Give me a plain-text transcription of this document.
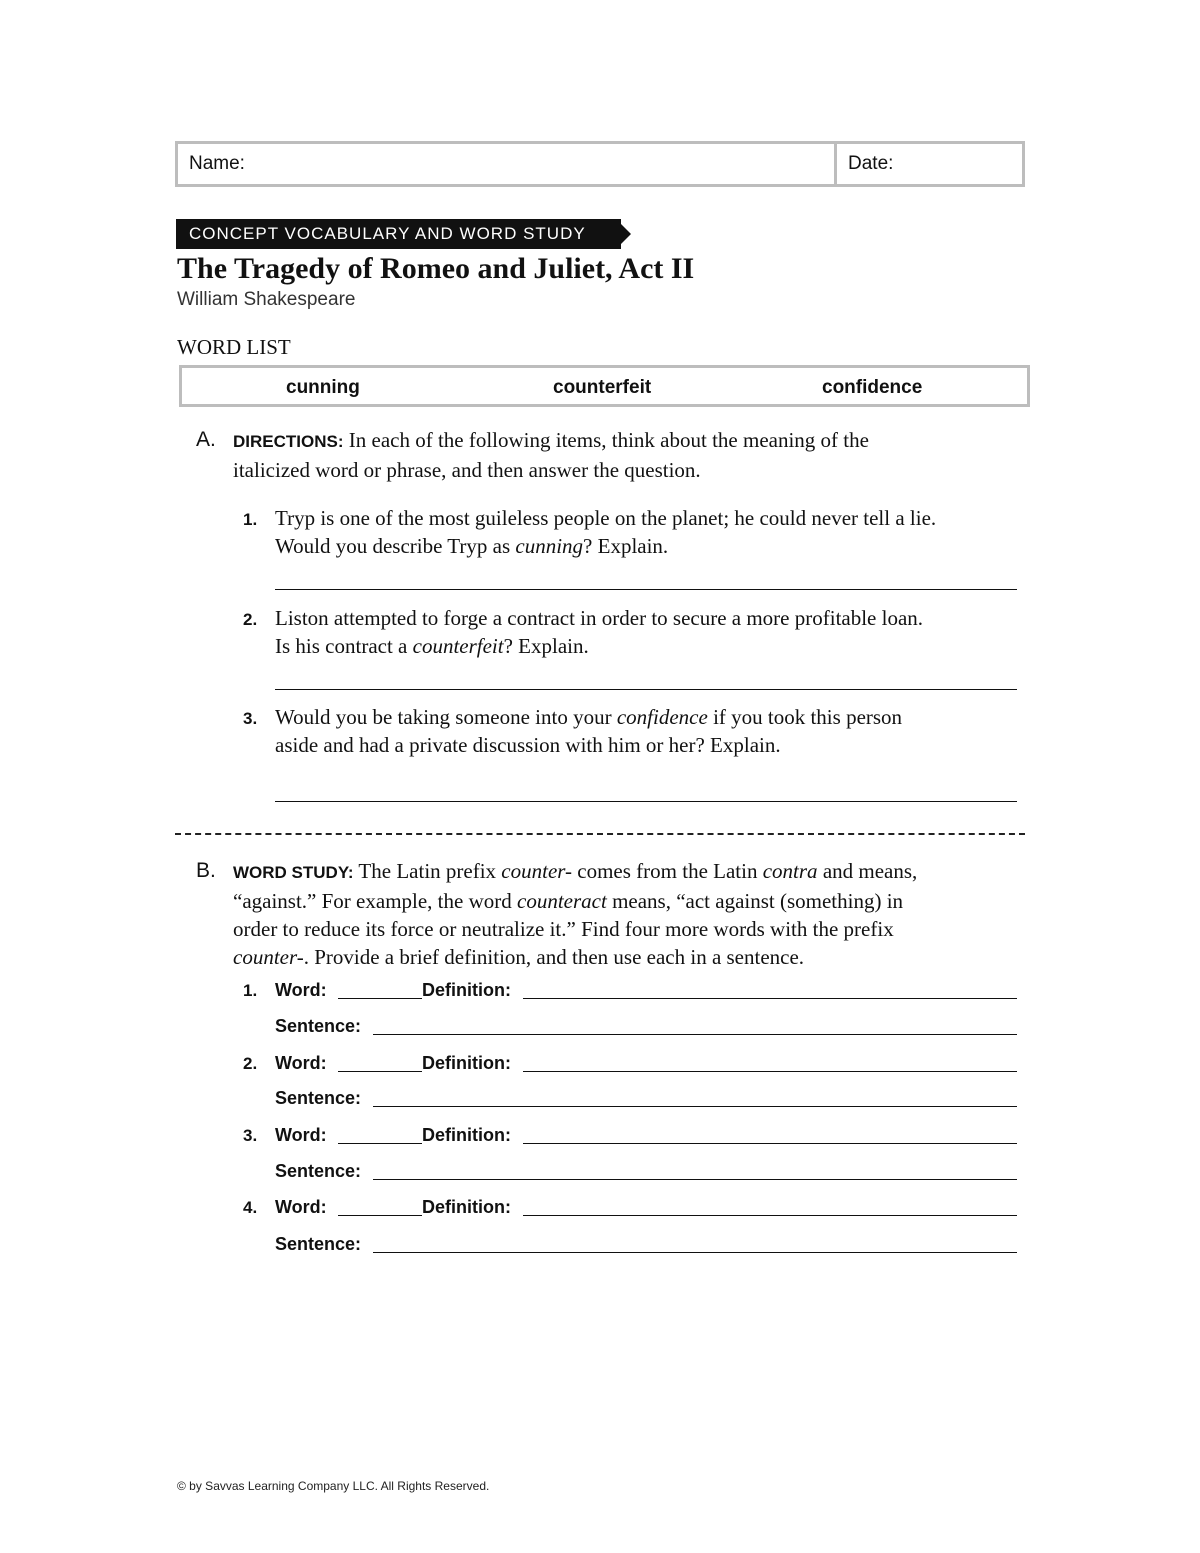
Name:	Date:
CONCEPT VOCABULARY AND WORD STUDY
The Tragedy of Romeo and Juliet, Act II
William Shakespeare
WORD LIST
cunning	counterfeit	confidence
A. DIRECTIONS: In each of the following items, think about the meaning of the
italicized word or phrase, and then answer the question.
1. Tryp is one of the most guileless people on the planet; he could never tell a lie.
Would you describe Tryp as cunning? Explain.
2. Liston attempted to forge a contract in order to secure a more profitable loan.
Is his contract a counterfeit? Explain.
3. Would you be taking someone into your confidence if you took this person
aside and had a private discussion with him or her? Explain.
B. WORD STUDY: The Latin prefix counter- comes from the Latin contra and means,
“against.” For example, the word counteract means, “act against (something) in
order to reduce its force or neutralize it.” Find four more words with the prefix
counter-. Provide a brief definition, and then use each in a sentence.
1. Word:	Definition:
Sentence:
2. Word:	Definition:
Sentence:
3. Word:	Definition:
Sentence:
4. Word:	Definition:
Sentence:
© by Savvas Learning Company LLC. All Rights Reserved.
